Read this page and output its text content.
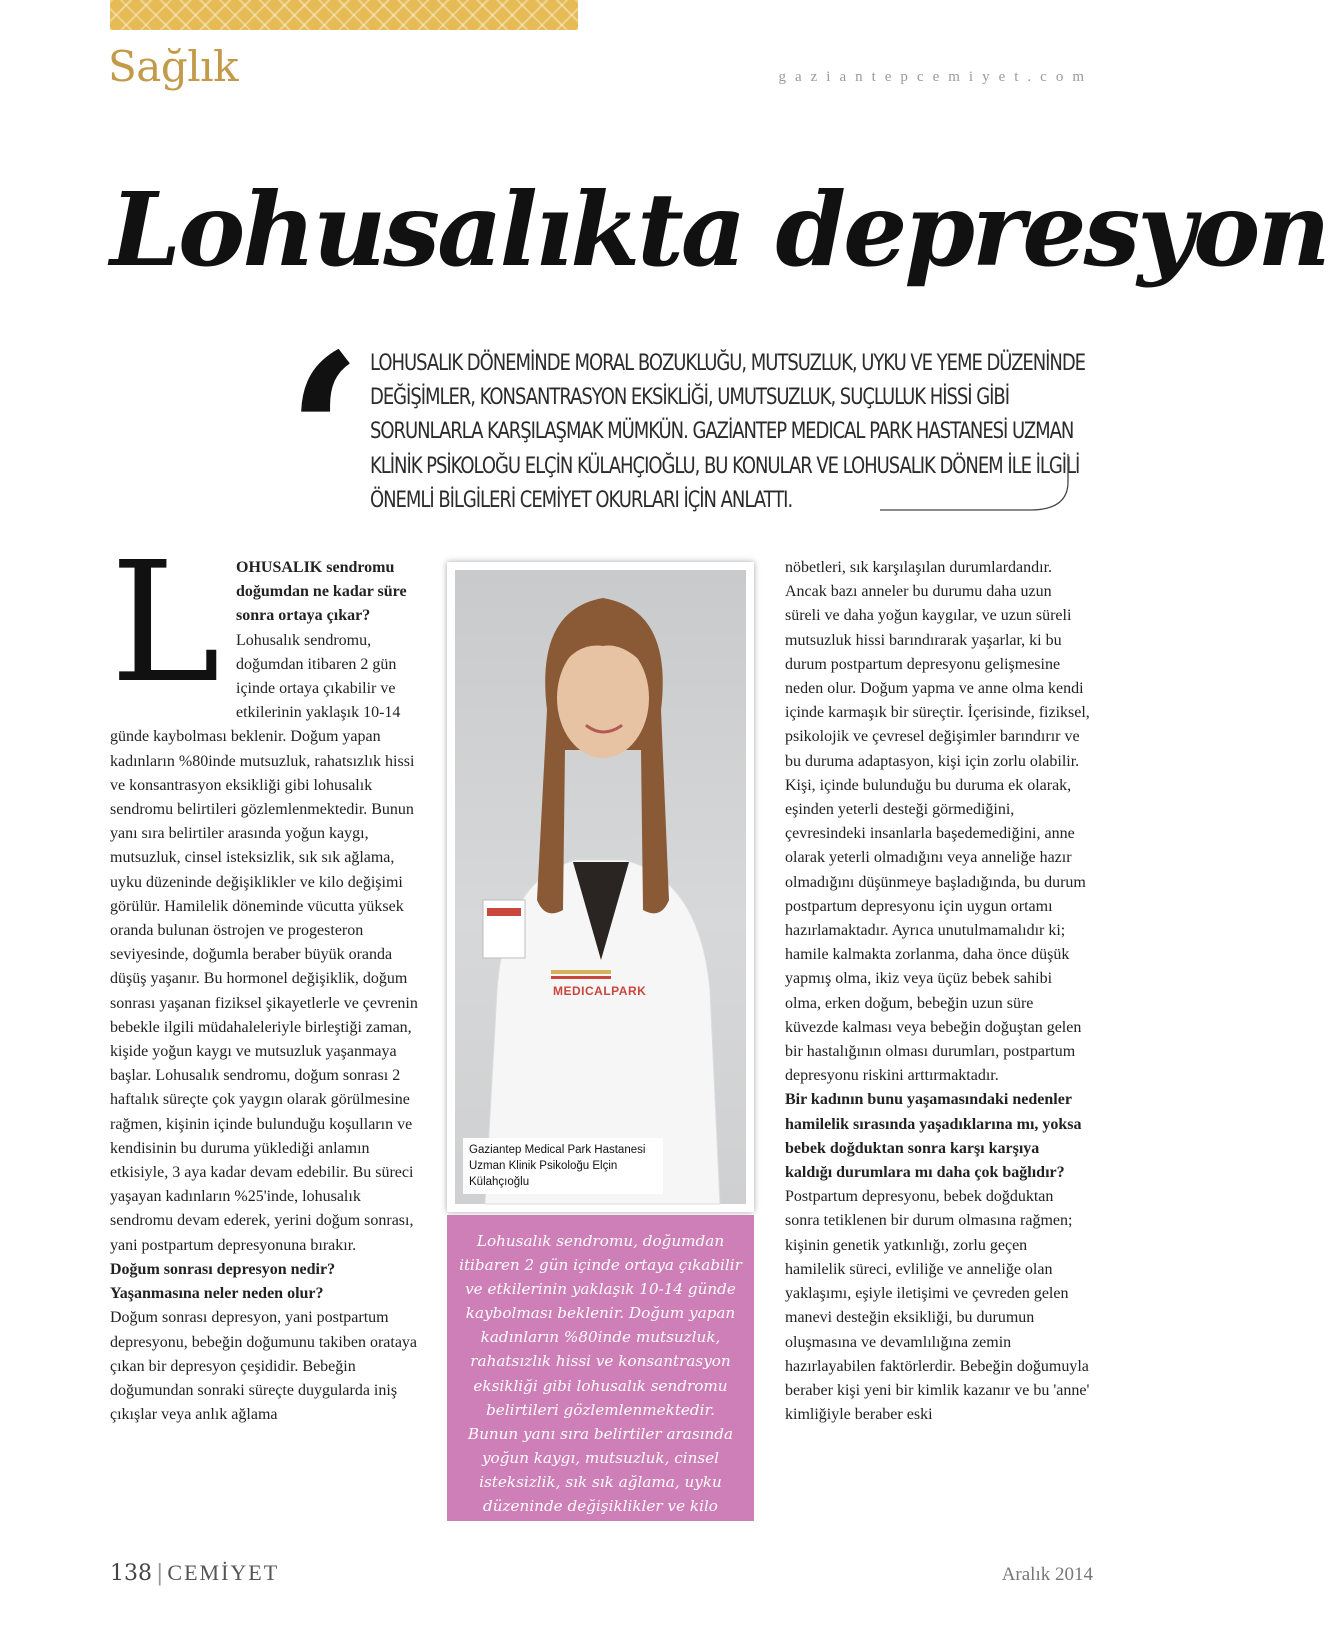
Sağlık	gaziantepcemiyet.com
Lohusalıkta depresyon
‘ LOHUSALIK DÖNEMİNDE MORAL BOZUKLUĞU, MUTSUZLUK, UYKU VE YEME DÜZENİNDE
DEĞİŞİMLER, KONSANTRASYON EKSİKLİĞİ, UMUTSUZLUK, SUÇLULUK HİSSİ GİBİ
SORUNLARLA KARŞILAŞMAK MÜMKÜN. GAZİANTEP MEDICAL PARK HASTANESİ UZMAN
KLİNİK PSİKOLOĞU ELÇİN KÜLAHÇIOĞLU, BU KONULAR VE LOHUSALIK DÖNEM İLE İLGİLİ
ÖNEMLİ BİLGİLERİ CEMİYET OKURLARI İÇİN ANLATTI.
L OHUSALIK sendromu doğumdan ne kadar süre sonra ortaya çıkar?

Lohusalık sendromu, doğumdan itibaren 2 gün içinde ortaya çıkabilir ve etkilerinin yaklaşık 10-14 günde kaybolması beklenir. Doğum yapan kadınların %80inde mutsuzluk, rahatsızlık hissi ve konsantrasyon eksikliği gibi lohusalık sendromu belirtileri gözlemlenmektedir. Bunun yanı sıra belirtiler arasında yoğun kaygı, mutsuzluk, cinsel isteksizlik, sık sık ağlama, uyku düzeninde değişiklikler ve kilo değişimi görülür. Hamilelik döneminde vücutta yüksek oranda bulunan östrojen ve progesteron seviyesinde, doğumla beraber büyük oranda düşüş yaşanır. Bu hormonel değişiklik, doğum sonrası yaşanan fiziksel şikayetlerle ve çevrenin bebekle ilgili müdahaleleriyle birleştiği zaman, kişide yoğun kaygı ve mutsuzluk yaşanmaya başlar. Lohusalık sendromu, doğum sonrası 2 haftalık süreçte çok yaygın olarak görülmesine rağmen, kişinin içinde bulunduğu koşulların ve kendisinin bu duruma yüklediği anlamın etkisiyle, 3 aya kadar devam edebilir. Bu süreci yaşayan kadınların %25'inde, lohusalık sendromu devam ederek, yerini doğum sonrası, yani postpartum depresyonuna bırakır.

Doğum sonrası depresyon nedir? Yaşanmasına neler neden olur?

Doğum sonrası depresyon, yani postpartum depresyonu, bebeğin doğumunu takiben orataya çıkan bir depresyon çeşididir. Bebeğin doğumundan sonraki süreçte duygularda iniş çıkışlar veya anlık ağlama

MEDICALPARK
Gaziantep Medical Park Hastanesi Uzman Klinik Psikoloğu Elçin Külahçıoğlu
Lohusalık sendromu, doğumdan itibaren 2 gün içinde ortaya çıkabilir ve etkilerinin yaklaşık 10-14 günde kaybolması beklenir. Doğum yapan kadınların %80inde mutsuzluk, rahatsızlık hissi ve konsantrasyon eksikliği gibi lohusalık sendromu belirtileri gözlemlenmektedir. Bunun yanı sıra belirtiler arasında yoğun kaygı, mutsuzluk, cinsel isteksizlik, sık sık ağlama, uyku düzeninde değişiklikler ve kilo değişimi görülür.

nöbetleri, sık karşılaşılan durumlardandır. Ancak bazı anneler bu durumu daha uzun süreli ve daha yoğun kaygılar, ve uzun süreli mutsuzluk hissi barındırarak yaşarlar, ki bu durum postpartum depresyonu gelişmesine neden olur. Doğum yapma ve anne olma kendi içinde karmaşık bir süreçtir. İçerisinde, fiziksel, psikolojik ve çevresel değişimler barındırır ve bu duruma adaptasyon, kişi için zorlu olabilir. Kişi, içinde bulunduğu bu duruma ek olarak, eşinden yeterli desteği görmediğini, çevresindeki insanlarla başedemediğini, anne olarak yeterli olmadığını veya anneliğe hazır olmadığını düşünmeye başladığında, bu durum postpartum depresyonu için uygun ortamı hazırlamaktadır. Ayrıca unutulmamalıdır ki; hamile kalmakta zorlanma, daha önce düşük yapmış olma, ikiz veya üçüz bebek sahibi olma, erken doğum, bebeğin uzun süre küvezde kalması veya bebeğin doğuştan gelen bir hastalığının olması durumları, postpartum depresyonu riskini arttırmaktadır.

Bir kadının bunu yaşamasındaki nedenler hamilelik sırasında yaşadıklarına mı, yoksa bebek doğduktan sonra karşı karşıya kaldığı durumlara mı daha çok bağlıdır?

Postpartum depresyonu, bebek doğduktan sonra tetiklenen bir durum olmasına rağmen; kişinin genetik yatkınlığı, zorlu geçen hamilelik süreci, evliliğe ve anneliğe olan yaklaşımı, eşiyle iletişimi ve çevreden gelen manevi desteğin eksikliği, bu durumun oluşmasına ve devamlılığına zemin hazırlayabilen faktörlerdir. Bebeğin doğumuyla beraber kişi yeni bir kimlik kazanır ve bu 'anne' kimliğiyle beraber eski

138 | CEMİYET	Aralık 2014
